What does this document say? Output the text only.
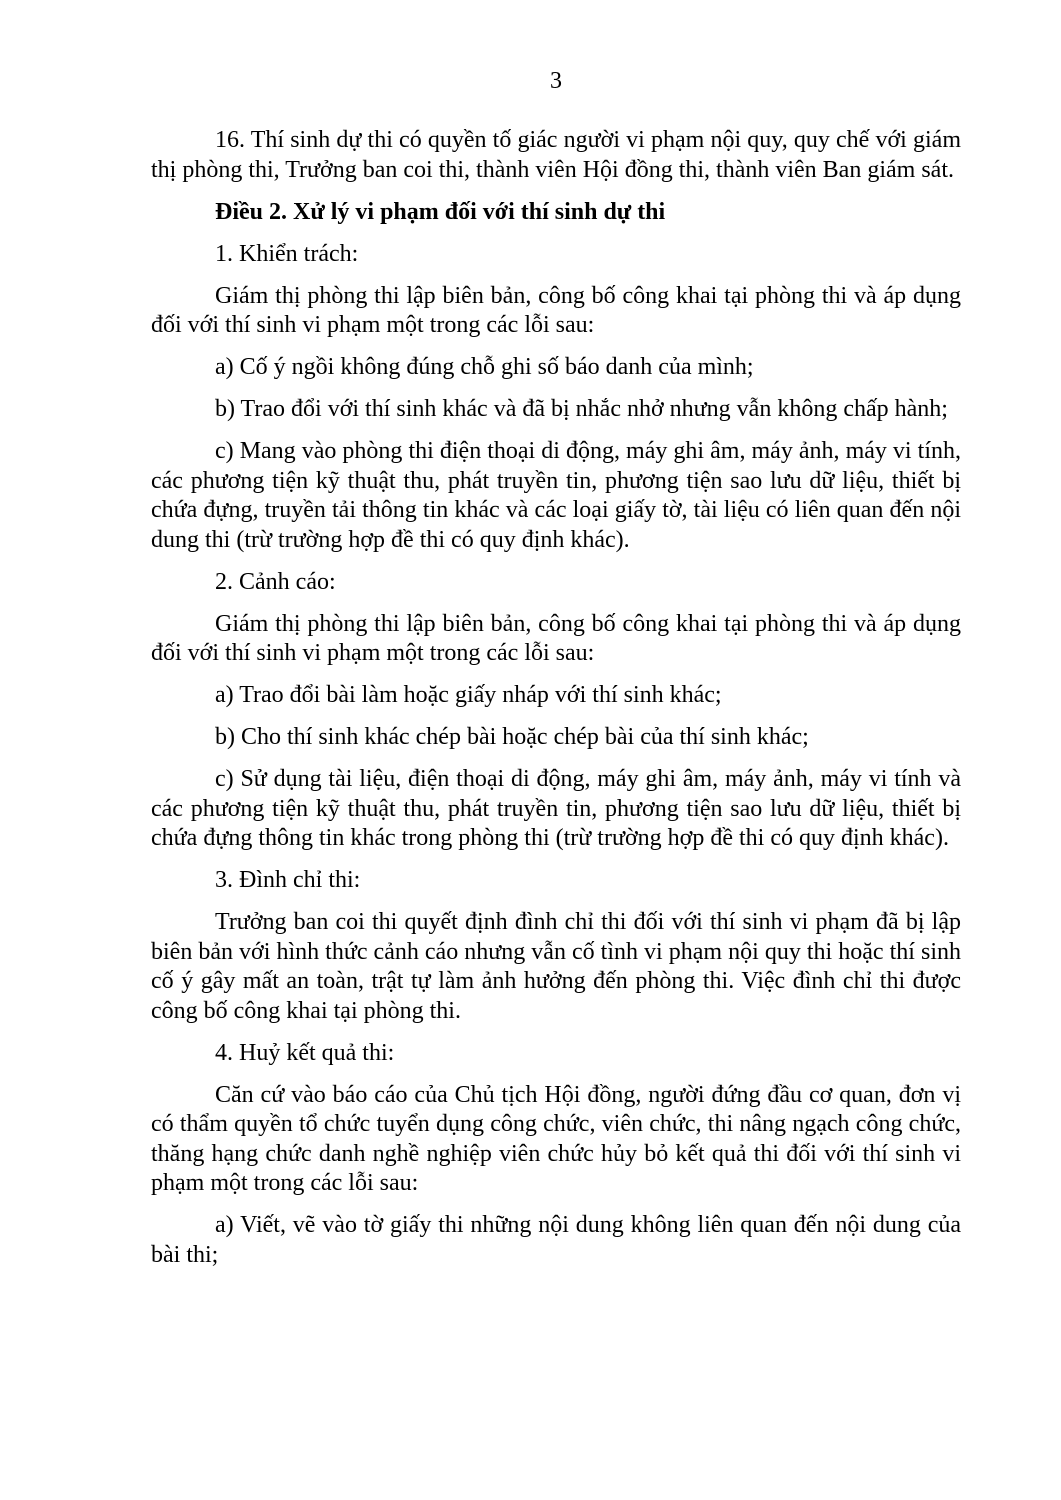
3

16. Thí sinh dự thi có quyền tố giác người vi phạm nội quy, quy chế với giám thị phòng thi, Trưởng ban coi thi, thành viên Hội đồng thi, thành viên Ban giám sát.

Điều 2. Xử lý vi phạm đối với thí sinh dự thi

1. Khiển trách:

Giám thị phòng thi lập biên bản, công bố công khai tại phòng thi và áp dụng đối với thí sinh vi phạm một trong các lỗi sau:

a) Cố ý ngồi không đúng chỗ ghi số báo danh của mình;

b) Trao đổi với thí sinh khác và đã bị nhắc nhở nhưng vẫn không chấp hành;

c) Mang vào phòng thi điện thoại di động, máy ghi âm, máy ảnh, máy vi tính, các phương tiện kỹ thuật thu, phát truyền tin, phương tiện sao lưu dữ liệu, thiết bị chứa đựng, truyền tải thông tin khác và các loại giấy tờ, tài liệu có liên quan đến nội dung thi (trừ trường hợp đề thi có quy định khác).

2. Cảnh cáo:

Giám thị phòng thi lập biên bản, công bố công khai tại phòng thi và áp dụng đối với thí sinh vi phạm một trong các lỗi sau:

a) Trao đổi bài làm hoặc giấy nháp với thí sinh khác;

b) Cho thí sinh khác chép bài hoặc chép bài của thí sinh khác;

c) Sử dụng tài liệu, điện thoại di động, máy ghi âm, máy ảnh, máy vi tính và các phương tiện kỹ thuật thu, phát truyền tin, phương tiện sao lưu dữ liệu, thiết bị chứa đựng thông tin khác trong phòng thi (trừ trường hợp đề thi có quy định khác).

3. Đình chỉ thi:

Trưởng ban coi thi quyết định đình chỉ thi đối với thí sinh vi phạm đã bị lập biên bản với hình thức cảnh cáo nhưng vẫn cố tình vi phạm nội quy thi hoặc thí sinh cố ý gây mất an toàn, trật tự làm ảnh hưởng đến phòng thi. Việc đình chỉ thi được công bố công khai tại phòng thi.

4. Huỷ kết quả thi:

Căn cứ vào báo cáo của Chủ tịch Hội đồng, người đứng đầu cơ quan, đơn vị có thẩm quyền tổ chức tuyển dụng công chức, viên chức, thi nâng ngạch công chức, thăng hạng chức danh nghề nghiệp viên chức hủy bỏ kết quả thi đối với thí sinh vi phạm một trong các lỗi sau:

a) Viết, vẽ vào tờ giấy thi những nội dung không liên quan đến nội dung của bài thi;
